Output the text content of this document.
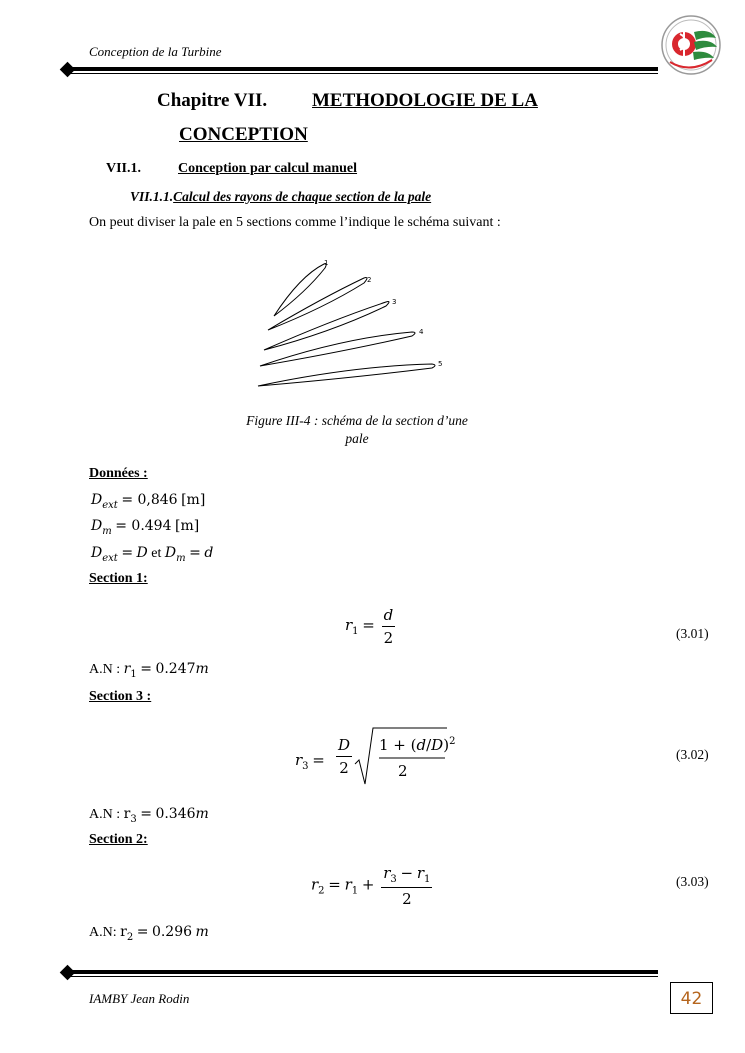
Conception de la Turbine
Chapitre VII. METHODOLOGIE DE LA
CONCEPTION
VII.1.	Conception par calcul manuel
VII.1.1.Calcul des rayons de chaque section de la pale
On peut diviser la pale en 5 sections comme l’indique le schéma suivant :
1
2
3
4
5
Figure III-4 : schéma de la section d’une
pale
Données :
$D_{ext} = 0,846$ [m]
$D_m = 0.494$ [m]
$D_{ext} = D$ et $D_m = d$
Section 1:
$r_1 = \frac{d}{2}$	(3.01)
A.N : $r_1 = 0.247m$
Section 3 :
$r_3 = \frac{D}{2} 1 + (d/D)^2$
2
(3.02)
A.N : $r_3 = 0.346m$
Section 2:
$r_2 = r_1 + \frac{r_3 - r_1}{2}$	(3.03)
A.N: $r_2 = 0.296$ m
IAMBY Jean Rodin	42
